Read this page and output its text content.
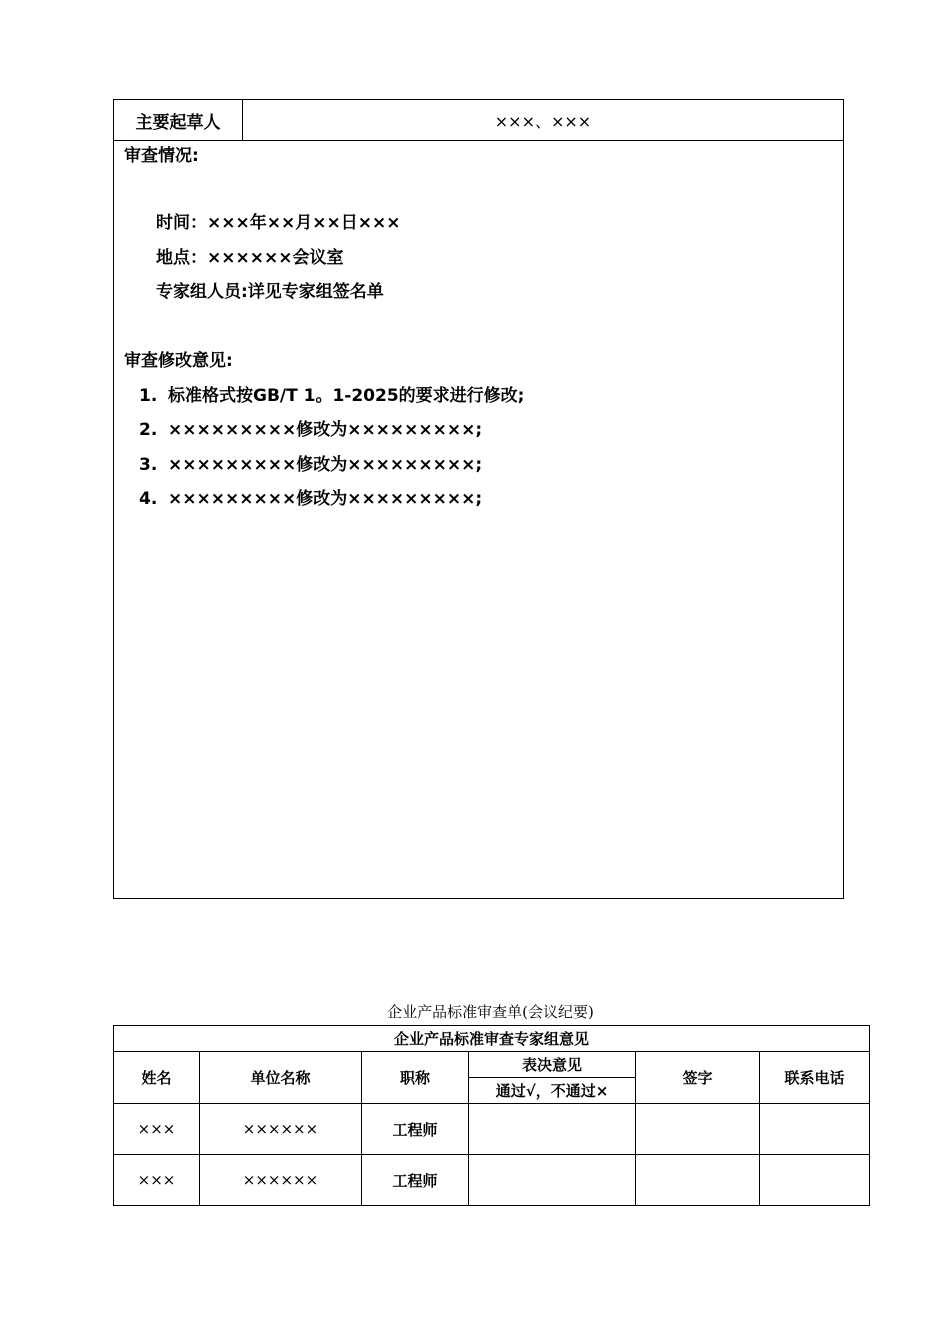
主要起草人	×××、×××
审查情况:
时间：×××年××月××日×××
地点：××××××会议室
专家组人员:详见专家组签名单
审查修改意见:
1. 标准格式按GB/T 1。1-2025的要求进行修改;
2. ×××××××××修改为×××××××××;
3. ×××××××××修改为×××××××××;
4. ×××××××××修改为×××××××××;
企业产品标准审查单(会议纪要)
企业产品标准审查专家组意见					
姓名	单位名称	职称	表决意见	签字	联系电话
			通过√，不通过×		
×××	××××××	工程师			
×××	××××××	工程师			
